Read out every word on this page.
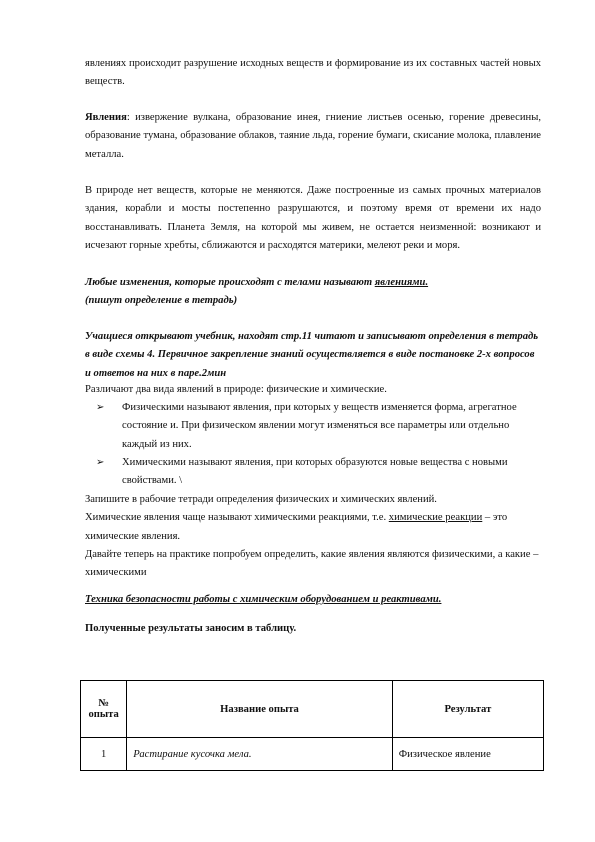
явлениях происходит разрушение исходных веществ и формирование из их составных частей новых веществ.

Явления: извержение вулкана, образование инея, гниение листьев осенью, горение древесины, образование тумана, образование облаков, таяние льда, горение бумаги, скисание молока, плавление металла.

В природе нет веществ, которые не меняются. Даже построенные из самых прочных материалов здания, корабли и мосты постепенно разрушаются, и поэтому время от времени их надо восстанавливать. Планета Земля, на которой мы живем, не остается неизменной: возникают и исчезают горные хребты, сближаются и расходятся материки, мелеют реки и моря.

Любые изменения, которые происходят с телами называют явлениями.
(пишут определение в тетрадь)

Учащиеся открывают учебник, находят стр.11 читают и записывают определения в тетрадь в виде схемы 4. Первичное закрепление знаний осуществляется в виде постановке 2-х вопросов и ответов на них в паре.2мин

Различают два вида явлений в природе: физические и химические.

➢ Физическими называют явления, при которых у веществ изменяется форма, агрегатное состояние и. При физическом явлении могут изменяться все параметры или отдельно каждый из них.
➢ Химическими называют явления, при которых образуются новые вещества с новыми свойствами. \

Запишите в рабочие тетради определения физических и химических явлений.
Химические явления чаще называют химическими реакциями, т.е. химические реакции – это химические явления.

Давайте теперь на практике попробуем определить, какие явления являются физическими, а какие – химическими

Техника безопасности работы с химическим оборудованием и реактивами.

Полученные результаты заносим в таблицу.

№ опыта	Название опыта	Результат
1	Растирание кусочка мела.	Физическое явление
